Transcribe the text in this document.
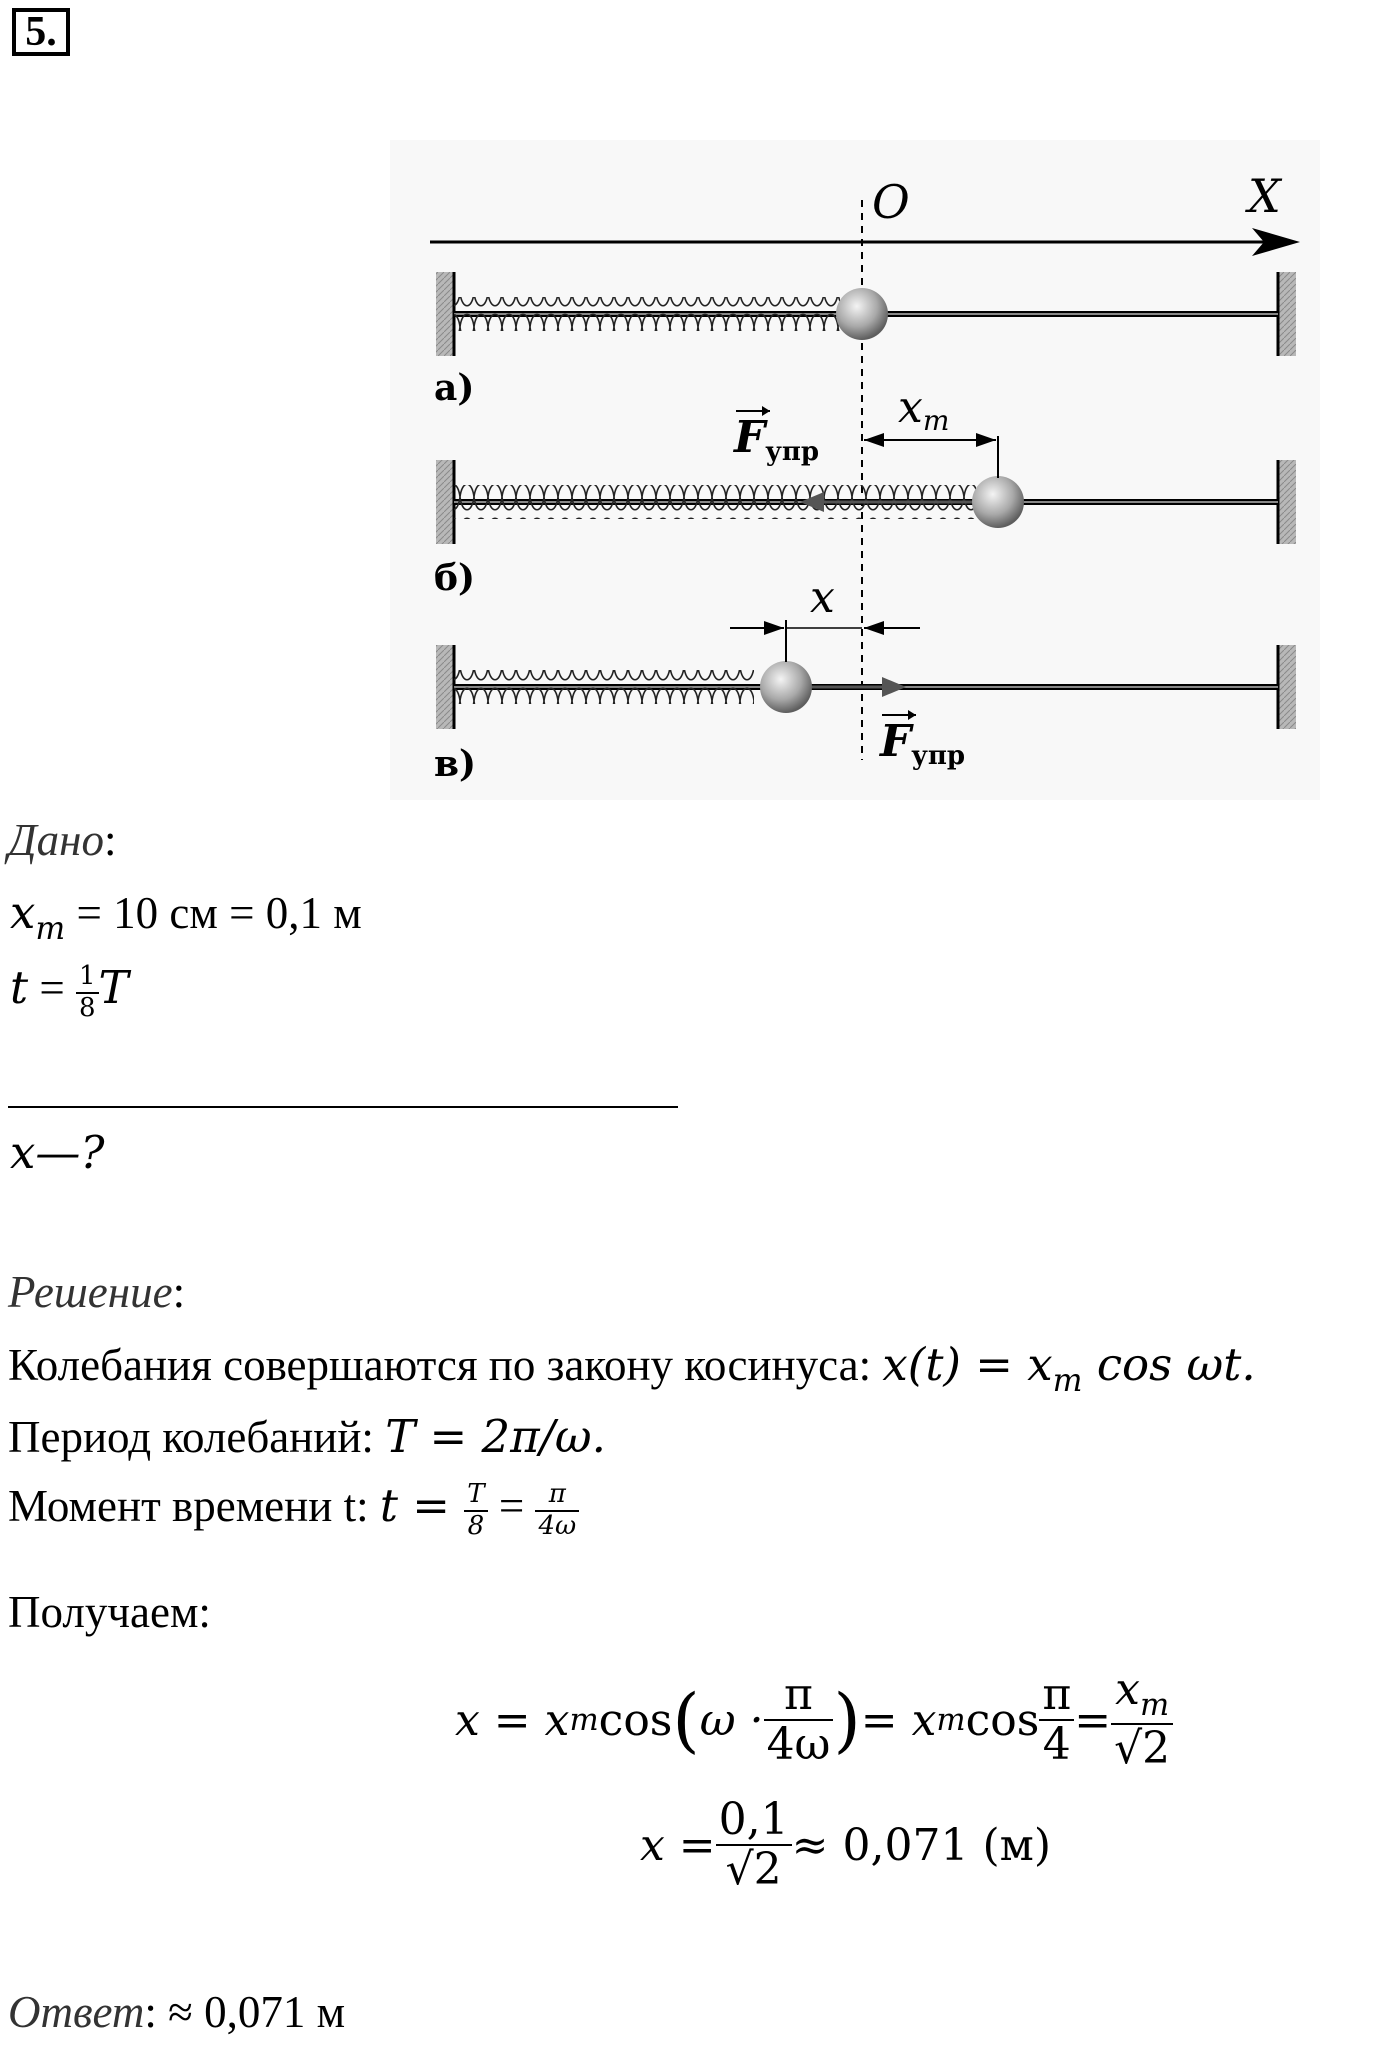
5.
X
O
а)	xm
Fупр
б)	x
Fупр
в)
Дано:
$x_m = 10$ см = 0,1 м
$t = \frac{1}{8}$ T
x—?
Решение:
Колебания совершаются по закону косинуса: $x(t) = x_m$ cos ωt.
Период колебаний: T = 2π/ω.
Момент времени t: $t = \frac{T}{8} = \frac{\pi}{4\omega}$
Получаем:
x = x m cos ( $\omega \cdot \frac{\pi}{4\omega}$ ) = x m $\cos \frac{\pi}{4} = \frac{x_m}{√2}$
$x = \frac{0,1}{√2} \approx 0,071$ (м)
Ответ: ≈ 0,071 м
